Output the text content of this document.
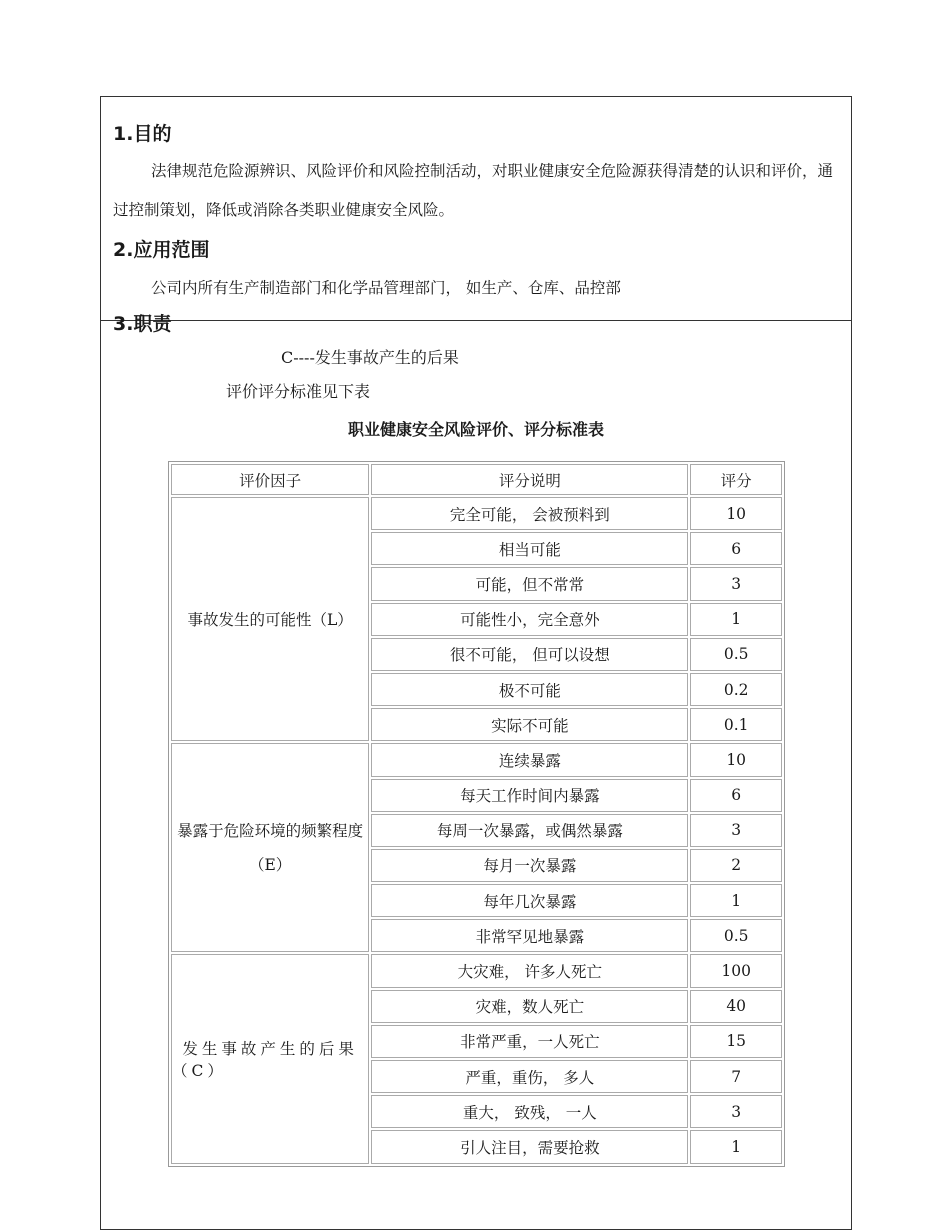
1.目的
法律规范危险源辨识、风险评价和风险控制活动，对职业健康安全危险源获得清楚的认识和评价，通过控制策划，降低或消除各类职业健康安全风险。
2.应用范围
公司内所有生产制造部门和化学品管理部门， 如生产、仓库、品控部
3.职责
C----发生事故产生的后果
评价评分标准见下表
职业健康安全风险评价、评分标准表
评价因子	评分说明	评分
事故发生的可能性（L）	完全可能， 会被预料到	10
	相当可能	6
	可能，但不常常	3
	可能性小，完全意外	1
	很不可能， 但可以设想	0.5
	极不可能	0.2
	实际不可能	0.1
暴露于危险环境的频繁程度（E）	连续暴露	10
	每天工作时间内暴露	6
	每周一次暴露，或偶然暴露	3
	每月一次暴露	2
	每年几次暴露	1
	非常罕见地暴露	0.5
发生事故产生的后果（C）	大灾难， 许多人死亡	100
	灾难，数人死亡	40
	非常严重，一人死亡	15
	严重，重伤， 多人	7
	重大， 致残， 一人	3
	引人注目，需要抢救	1
